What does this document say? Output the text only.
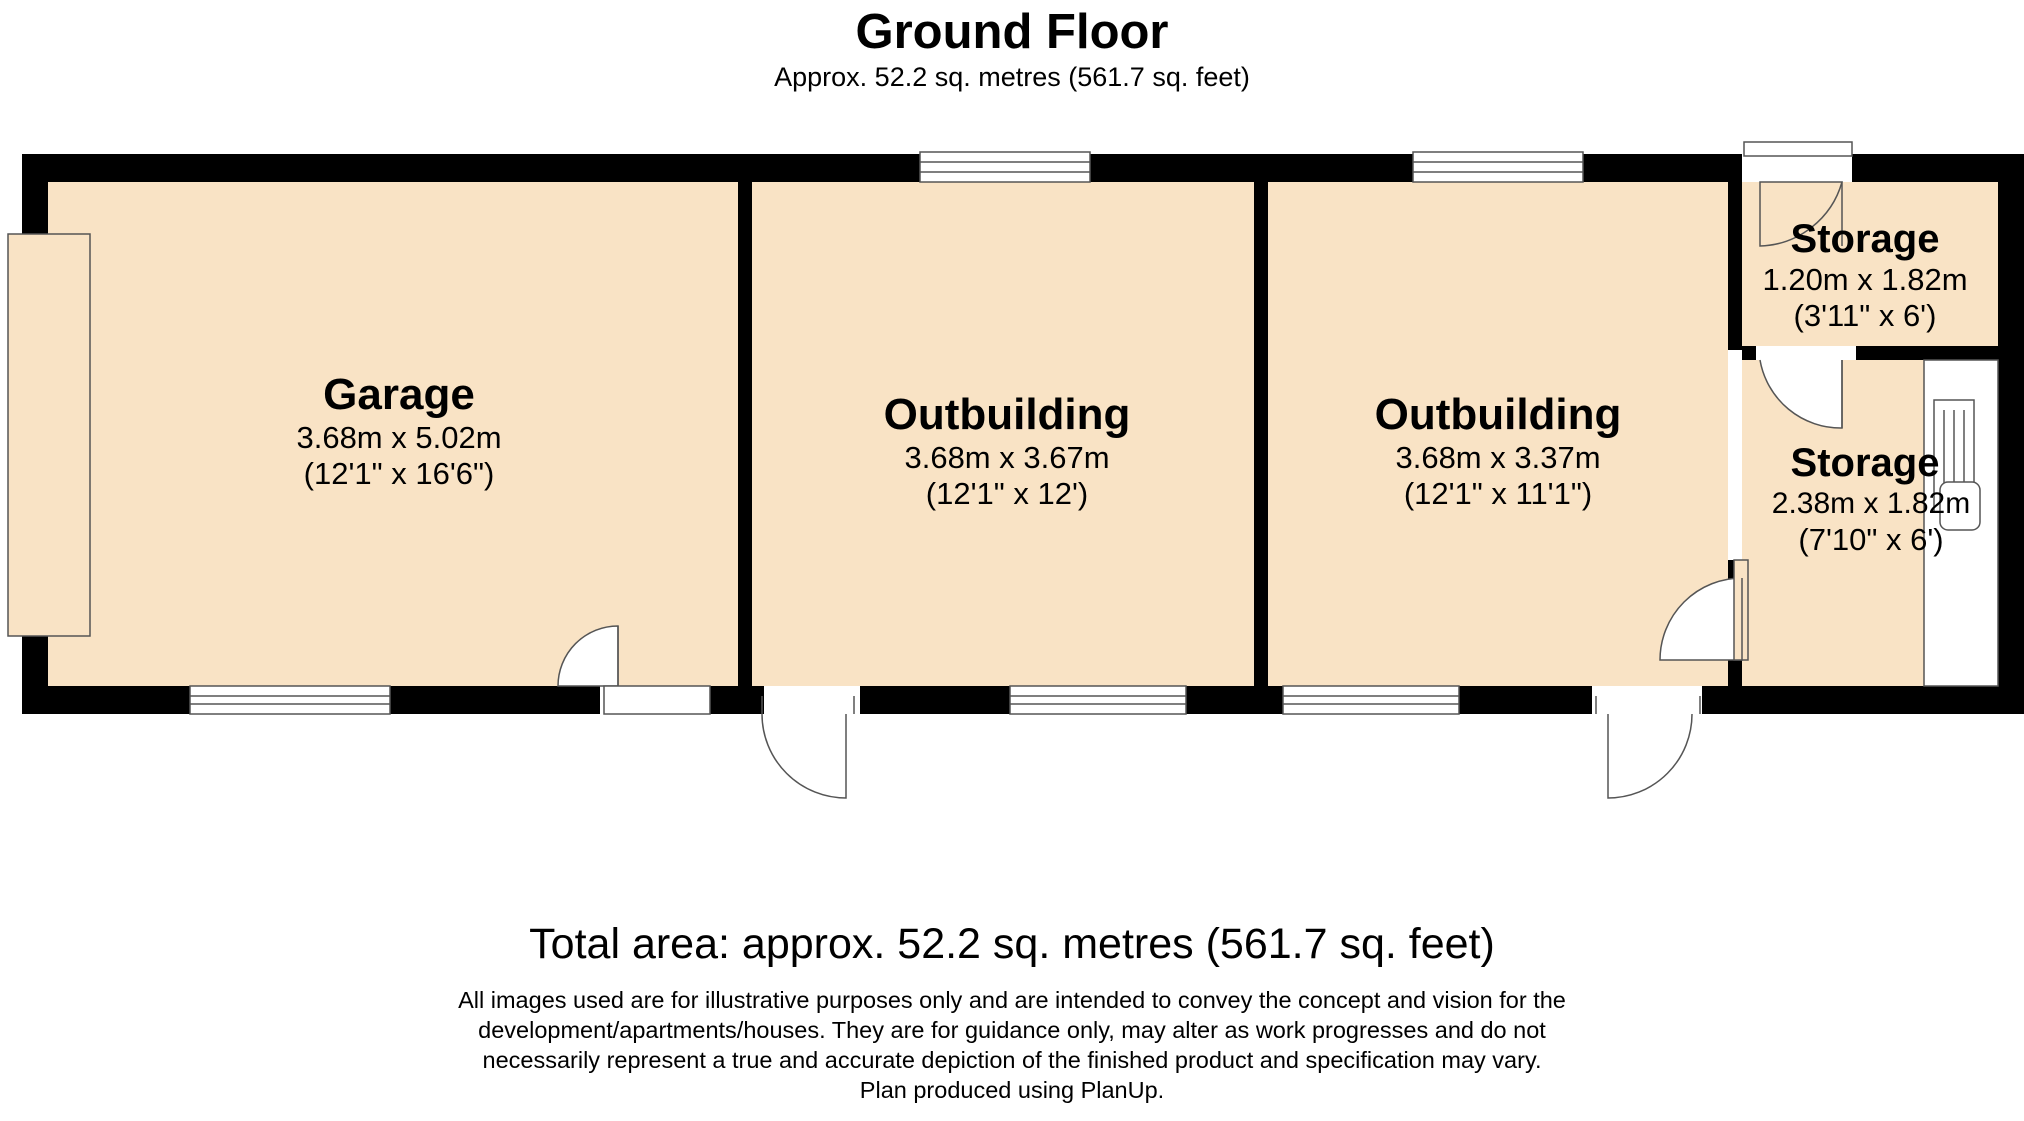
Ground Floor
Approx. 52.2 sq. metres (561.7 sq. feet)
Garage
3.68m x 5.02m
(12'1" x 16'6")
Outbuilding
3.68m x 3.67m
(12'1" x 12')
Outbuilding
3.68m x 3.37m
(12'1" x 11'1")
Storage
1.20m x 1.82m
(3'11" x 6')
Storage
2.38m x 1.82m
(7'10" x 6')
Total area: approx. 52.2 sq. metres (561.7 sq. feet)
All images used are for illustrative purposes only and are intended to convey the concept and vision for the
development/apartments/houses. They are for guidance only, may alter as work progresses and do not
necessarily represent a true and accurate depiction of the finished product and specification may vary.
Plan produced using PlanUp.
